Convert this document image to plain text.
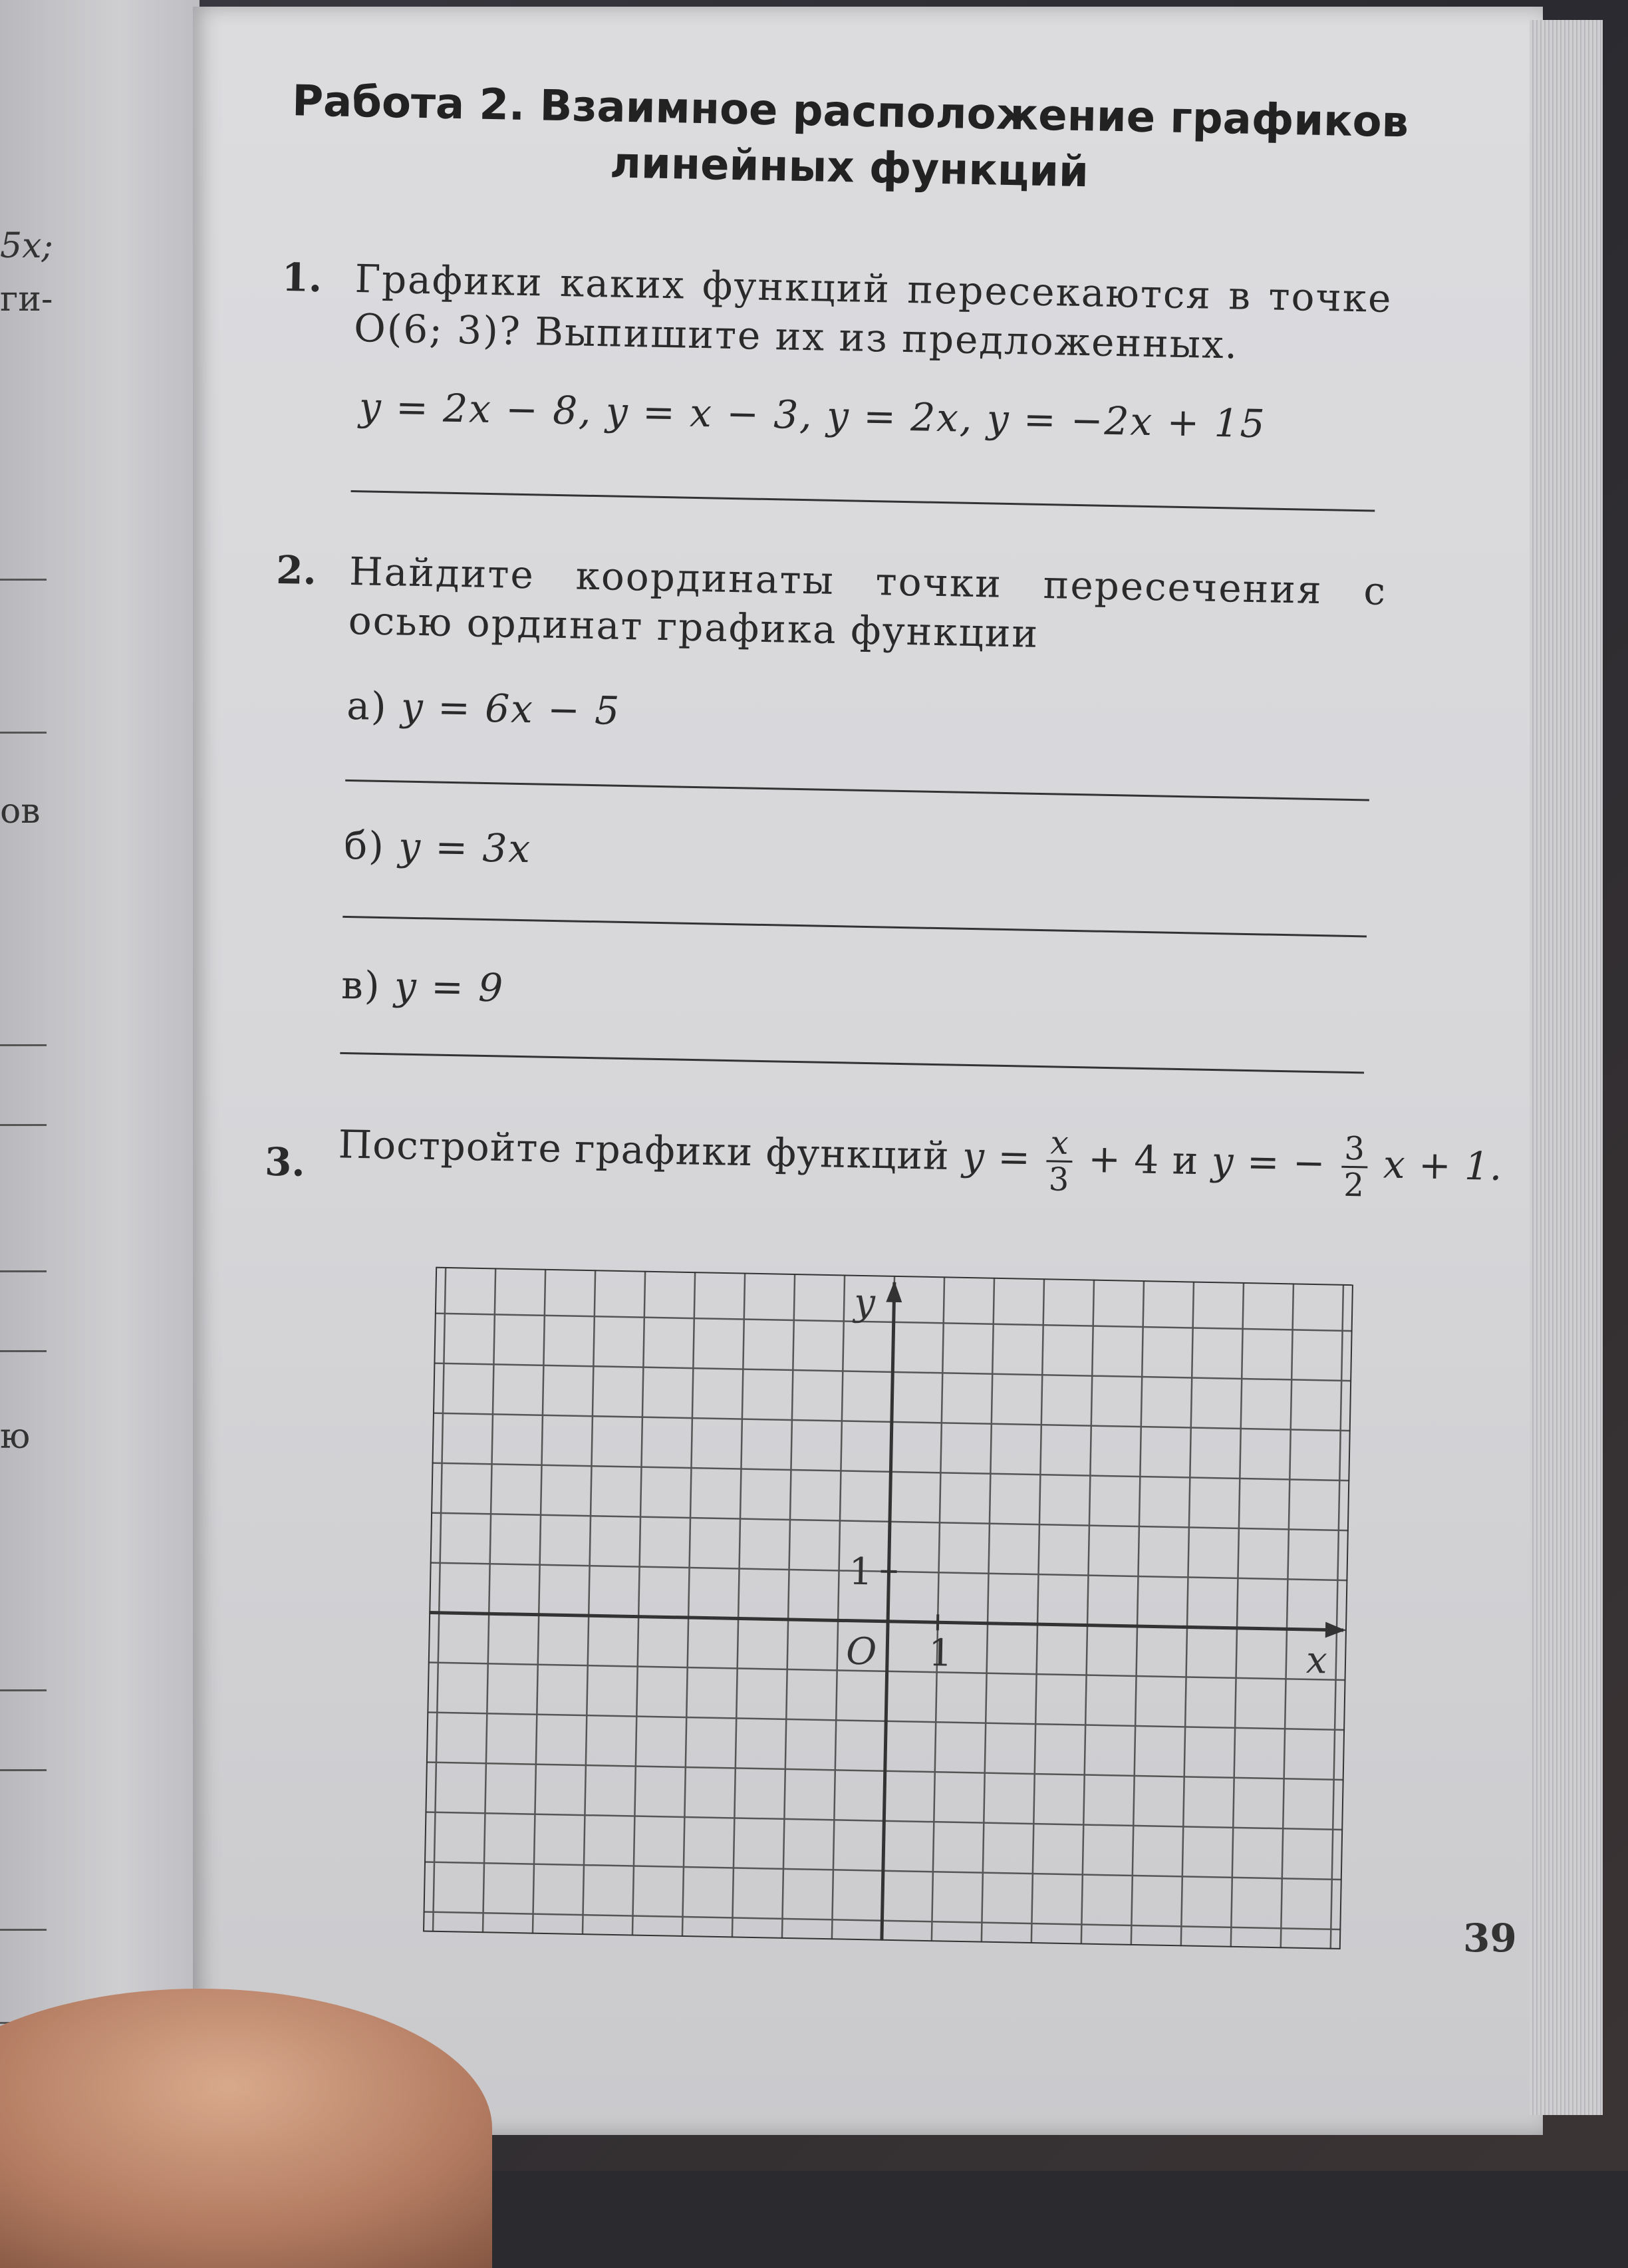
5x;
ги-
ов
ю
Работа 2. Взаимное расположение графиков
линейных функций
1. Графики каких функций пересекаются в точке O(6; 3)? Выпишите их из предложенных.
y = 2x − 8, y = x − 3, y = 2x, y = −2x + 15
2. Найдите координаты точки пересечения с осью ординат графика функции
а) y = 6x − 5
б) y = 3x
в) y = 9
3. Постройте графики функций $y = \frac{x}{3} + 4$ и y = − $\frac{3}{2}$ x + 1.
y
x
O 1
1
39
